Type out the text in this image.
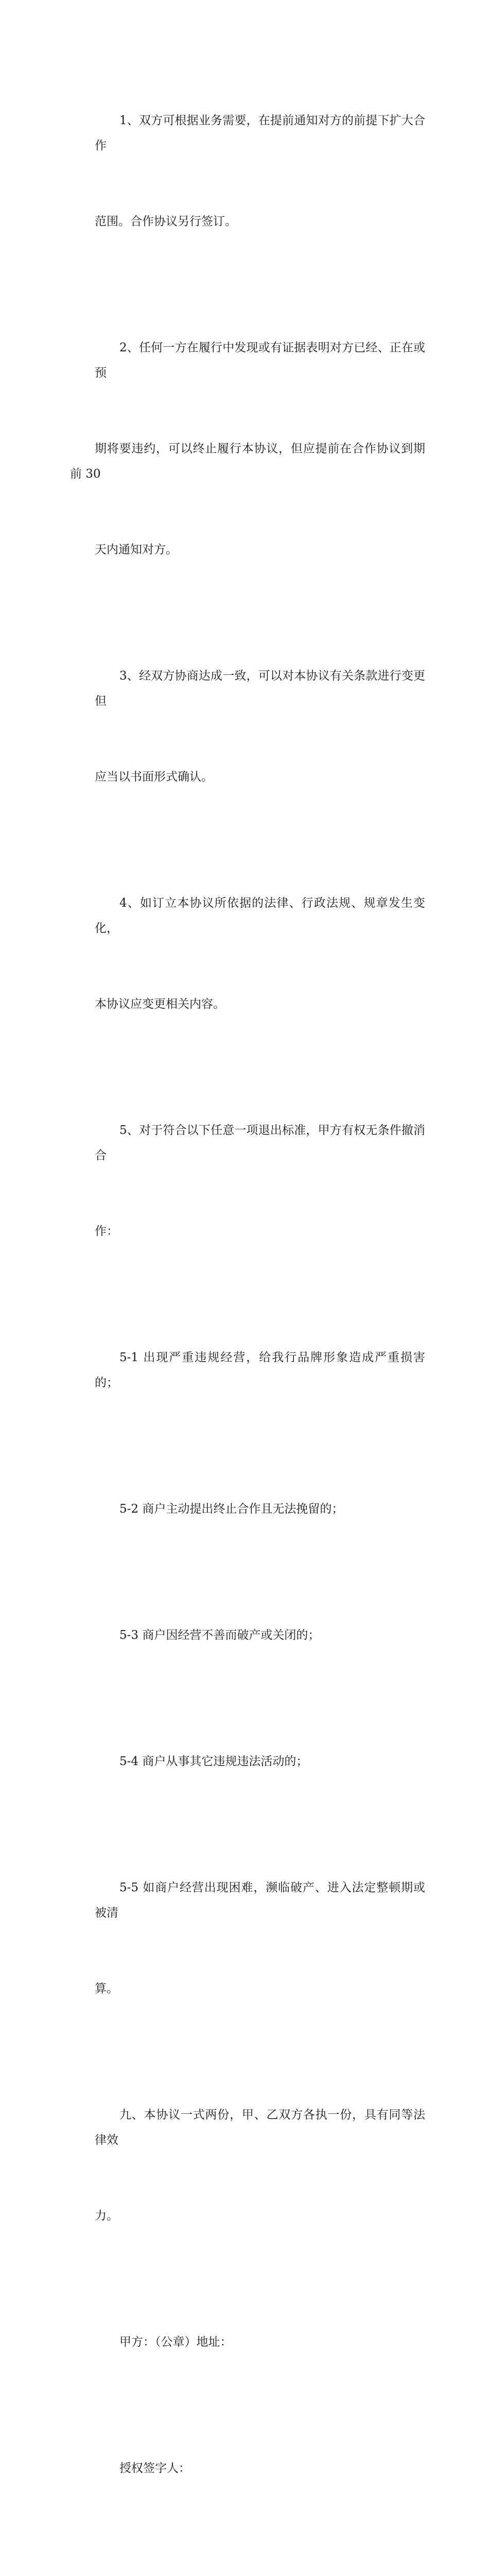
1、双方可根据业务需要，在提前通知对方的前提下扩大合作

范围。合作协议另行签订。

2、任何一方在履行中发现或有证据表明对方已经、正在或预

期将要违约，可以终止履行本协议，但应提前在合作协议到期前 30

天内通知对方。

3、经双方协商达成一致，可以对本协议有关条款进行变更但

应当以书面形式确认。

4、如订立本协议所依据的法律、行政法规、规章发生变化，

本协议应变更相关内容。

5、对于符合以下任意一项退出标准，甲方有权无条件撤消合

作：

5-1 出现严重违规经营，给我行品牌形象造成严重损害的；

5-2 商户主动提出终止合作且无法挽留的；

5-3 商户因经营不善而破产或关闭的；

5-4 商户从事其它违规违法活动的；

5-5 如商户经营出现困难，濒临破产、进入法定整顿期或被清

算。

九、本协议一式两份，甲、乙双方各执一份，具有同等法律效

力。

甲方：（公章）地址：

授权签字人：
